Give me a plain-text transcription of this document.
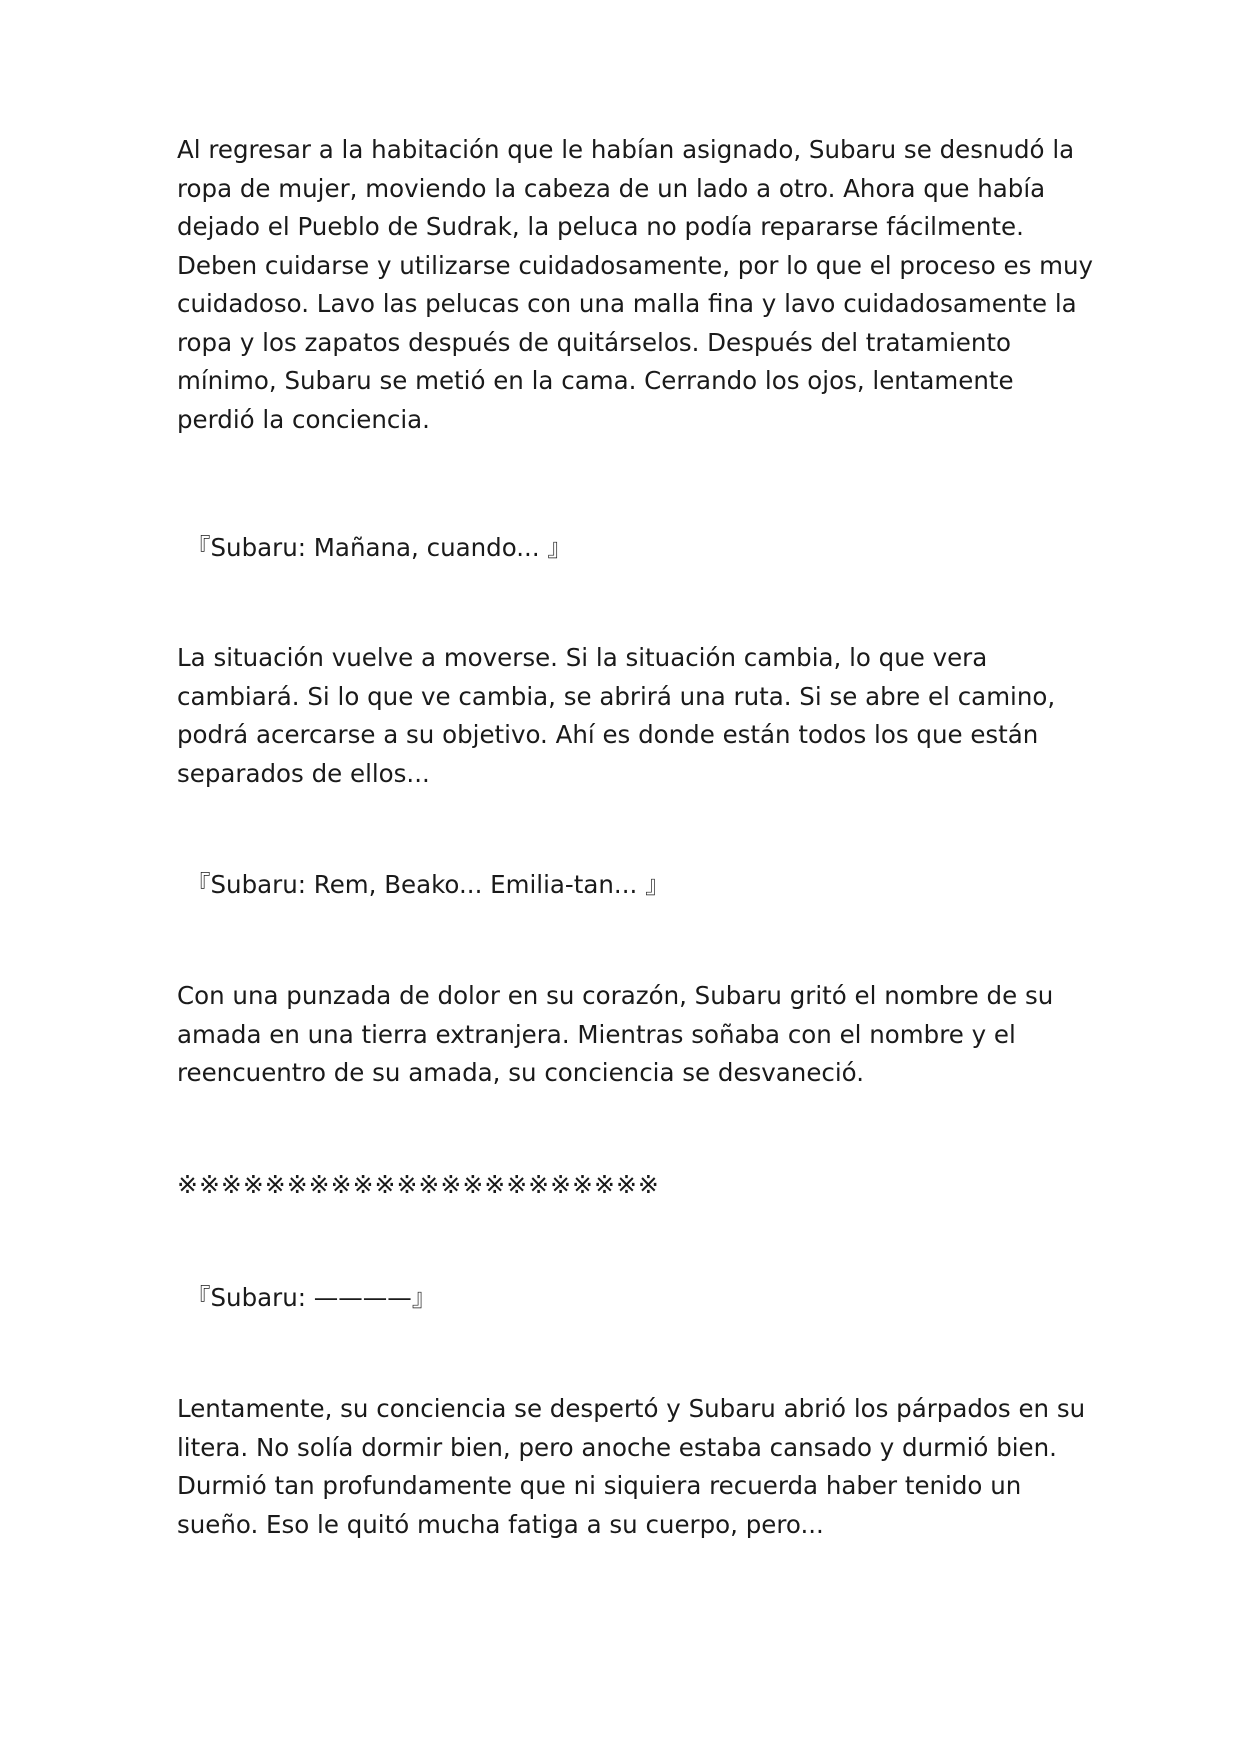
Al regresar a la habitación que le habían asignado, Subaru se desnudó la
ropa de mujer, moviendo la cabeza de un lado a otro. Ahora que había
dejado el Pueblo de Sudrak, la peluca no podía repararse fácilmente.
Deben cuidarse y utilizarse cuidadosamente, por lo que el proceso es muy
cuidadoso. Lavo las pelucas con una malla fina y lavo cuidadosamente la
ropa y los zapatos después de quitárselos. Después del tratamiento
mínimo, Subaru se metió en la cama. Cerrando los ojos, lentamente
perdió la conciencia.
『Subaru: Mañana, cuando... 』
La situación vuelve a moverse. Si la situación cambia, lo que vera
cambiará. Si lo que ve cambia, se abrirá una ruta. Si se abre el camino,
podrá acercarse a su objetivo. Ahí es donde están todos los que están
separados de ellos...
『Subaru: Rem, Beako... Emilia-tan... 』
Con una punzada de dolor en su corazón, Subaru gritó el nombre de su
amada en una tierra extranjera. Mientras soñaba con el nombre y el
reencuentro de su amada, su conciencia se desvaneció.
※※※※※※※※※※※※※※※※※※※※※※
『Subaru: ————』
Lentamente, su conciencia se despertó y Subaru abrió los párpados en su
litera. No solía dormir bien, pero anoche estaba cansado y durmió bien.
Durmió tan profundamente que ni siquiera recuerda haber tenido un
sueño. Eso le quitó mucha fatiga a su cuerpo, pero...
